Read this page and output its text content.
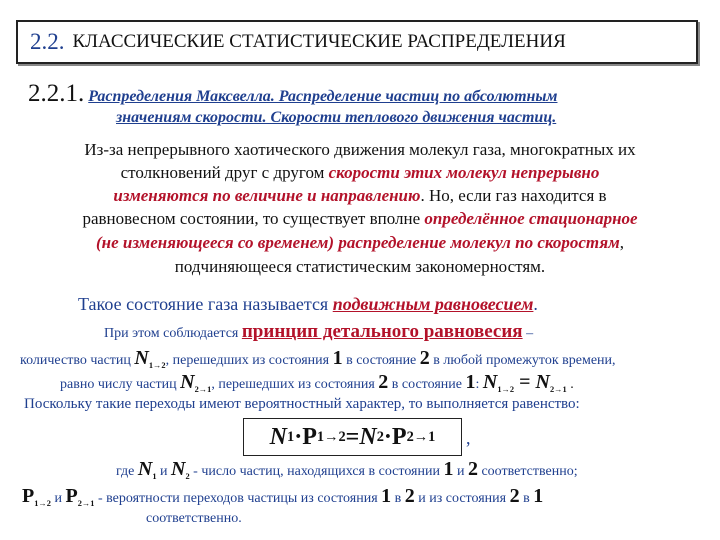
2.2. КЛАССИЧЕСКИЕ СТАТИСТИЧЕСКИЕ РАСПРЕДЕЛЕНИЯ
2.2.1. Распределения Максвелла. Распределение частиц по абсолютным
значениям скорости. Скорости теплового движения частиц.
Из-за непрерывного хаотического движения молекул газа, многократных их
столкновений друг с другом скорости этих молекул непрерывно
изменяются по величине и направлению. Но, если газ находится в
равновесном состоянии, то существует вполне определённое стационарное
(не изменяющееся со временем) распределение молекул по скоростям,
подчиняющееся статистическим закономерностям.
Такое состояние газа называется подвижным равновесием.
При этом соблюдается принцип детального равновесия –
количество частиц $N_{1\to 2}$, перешедших из состояния 1 в состояние 2 в любой промежуток времени,
равно числу частиц $N_{2\to 1}$, перешедших из состояния 2 в состояние 1: $N_{1\to 2} = N_{2\to 1}$ .
Поскольку такие переходы имеют вероятностный характер, то выполняется равенство:
N 1 · P 1→2 = N 2 · P 2→1 ,
где $N_1$ и $N_2$ - число частиц, находящихся в состоянии 1 и 2 соответственно;
$P_{1\to 2}$ и $P_{2\to 1}$ - вероятности переходов частицы из состояния 1 в 2 и из состояния 2 в 1
соответственно.
